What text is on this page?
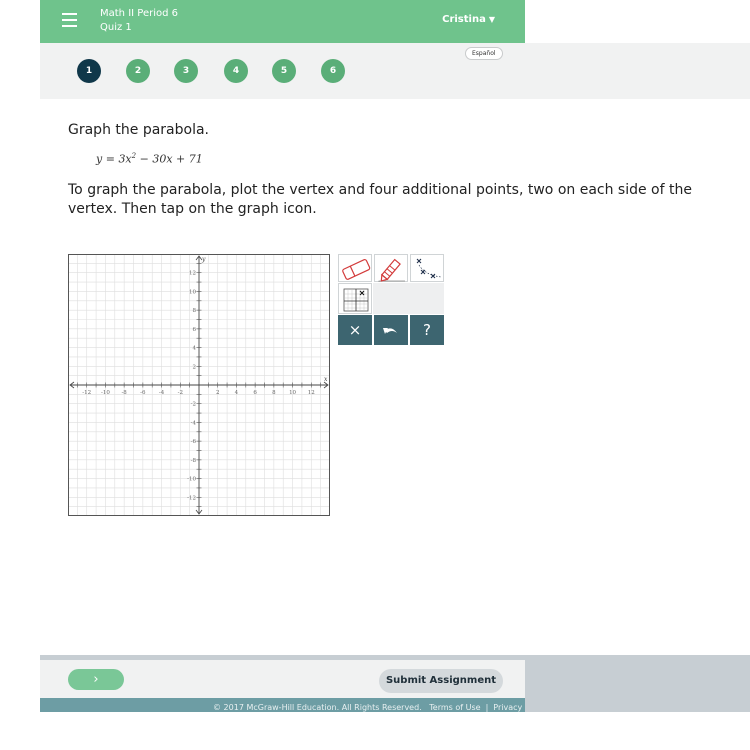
Math II Period 6
Quiz 1
Cristina ▼
Español
1	2	3	4	5	6
Graph the parabola.
$y = 3x^2 - 30x + 71$
To graph the parabola, plot the vertex and four additional points, two on each side of the vertex. Then tap on the graph icon.
-12 -10 -8 -6 -4 -2	2	4	6	8 10 12
12
10
8
6
4
2
-2
-4
-6
-8
-10
-12
x
y
×	?
›	Submit Assignment
© 2017 McGraw-Hill Education. All Rights Reserved. Terms of Use | Privacy
